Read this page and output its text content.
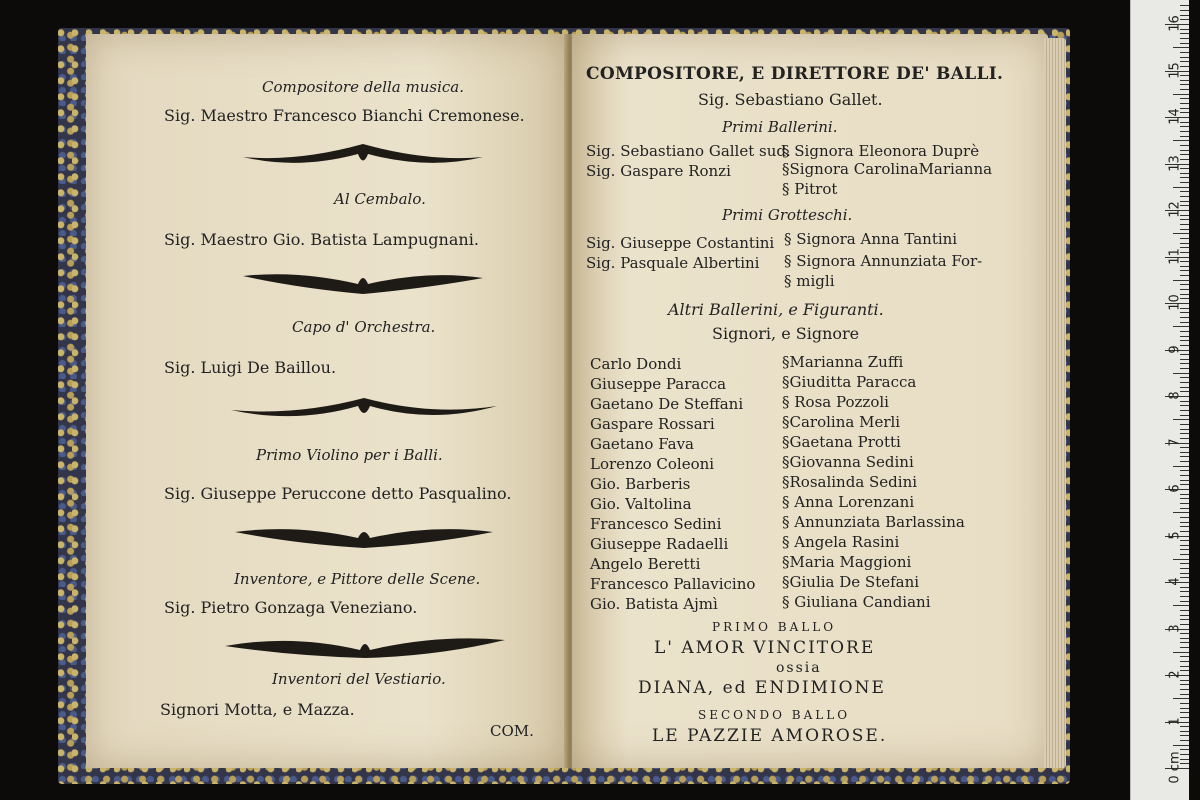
Compositore della musica.
Sig. Maestro Francesco Bianchi Cremonese.
Al Cembalo.
Sig. Maestro Gio. Batista Lampugnani.
Capo d' Orchestra.
Sig. Luigi De Baillou.
Primo Violino per i Balli.
Sig. Giuseppe Peruccone detto Pasqualino.
Inventore, e Pittore delle Scene.
Sig. Pietro Gonzaga Veneziano.
Inventori del Vestiario.
Signori Motta, e Mazza.
COM.
COMPOSITORE, E DIRETTORE DE' BALLI.
Sig. Sebastiano Gallet.
Primi Ballerini.
Sig. Sebastiano Gallet sud.
Sig. Gaspare Ronzi
§ Signora Eleonora Duprè
§Signora CarolinaMarianna
§ Pitrot
Primi Grotteschi.
Sig. Giuseppe Costantini
Sig. Pasquale Albertini
§ Signora Anna Tantini
§ Signora Annunziata For-
§ migli
Altri Ballerini, e Figuranti.
Signori, e Signore
Carlo Dondi
Giuseppe Paracca
Gaetano De Steffani
Gaspare Rossari
Gaetano Fava
Lorenzo Coleoni
Gio. Barberis
Gio. Valtolina
Francesco Sedini
Giuseppe Radaelli
Angelo Beretti
Francesco Pallavicino
Gio. Batista Ajmì
§Marianna Zuffi
§Giuditta Paracca
§ Rosa Pozzoli
§Carolina Merli
§Gaetana Protti
§Giovanna Sedini
§Rosalinda Sedini
§ Anna Lorenzani
§ Annunziata Barlassina
§ Angela Rasini
§Maria Maggioni
§Giulia De Stefani
§ Giuliana Candiani
PRIMO BALLO
L' AMOR VINCITORE
ossia
DIANA, ed ENDIMIONE
SECONDO BALLO
LE PAZZIE AMOROSE.
16
15
14
13
12
11
10
9
8
7
6
5
4
3
2
1
0 cm
